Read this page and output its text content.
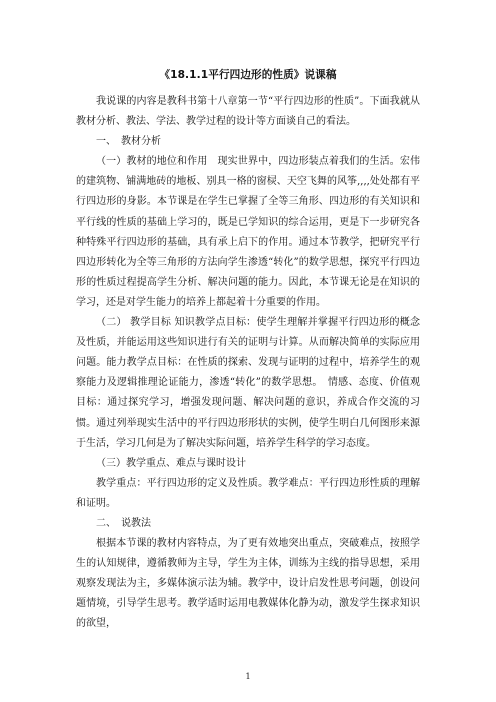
《18.1.1平行四边形的性质》说课稿

我说课的内容是教科书第十八章第一节“平行四边形的性质”。下面我就从教材分析、教法、学法、教学过程的设计等方面谈自己的看法。

一、　教材分析

（一）教材的地位和作用　现实世界中，四边形装点着我们的生活。宏伟的建筑物、铺满地砖的地板、别具一格的窗棂、天空飞舞的风筝,,,,处处都有平行四边形的身影。本节课是在学生已掌握了全等三角形、四边形的有关知识和平行线的性质的基础上学习的，既是已学知识的综合运用，更是下一步研究各种特殊平行四边形的基础，具有承上启下的作用。通过本节教学，把研究平行四边形转化为全等三角形的方法向学生渗透“转化”的数学思想，探究平行四边形的性质过程提高学生分析、解决问题的能力。因此，本节课无论是在知识的学习，还是对学生能力的培养上都起着十分重要的作用。

（二） 教学目标 知识教学点目标：使学生理解并掌握平行四边形的概念及性质，并能运用这些知识进行有关的证明与计算。从而解决简单的实际应用问题。能力教学点目标：在性质的探索、发现与证明的过程中，培养学生的观察能力及逻辑推理论证能力，渗透“转化”的数学思想。　情感、态度、价值观目标：通过探究学习，增强发现问题、解决问题的意识，养成合作交流的习惯。通过列举现实生活中的平行四边形形状的实例，使学生明白几何图形来源于生活，学习几何是为了解决实际问题，培养学生科学的学习态度。

（三）教学重点、难点与课时设计

教学重点：平行四边形的定义及性质。教学难点：平行四边形性质的理解和证明。

二、　说教法

根据本节课的教材内容特点，为了更有效地突出重点，突破难点，按照学生的认知规律，遵循教师为主导，学生为主体，训练为主线的指导思想，采用观察发现法为主，多媒体演示法为辅。教学中，设计启发性思考问题，创设问题情境，引导学生思考。教学适时运用电教媒体化静为动，激发学生探求知识的欲望，

1
